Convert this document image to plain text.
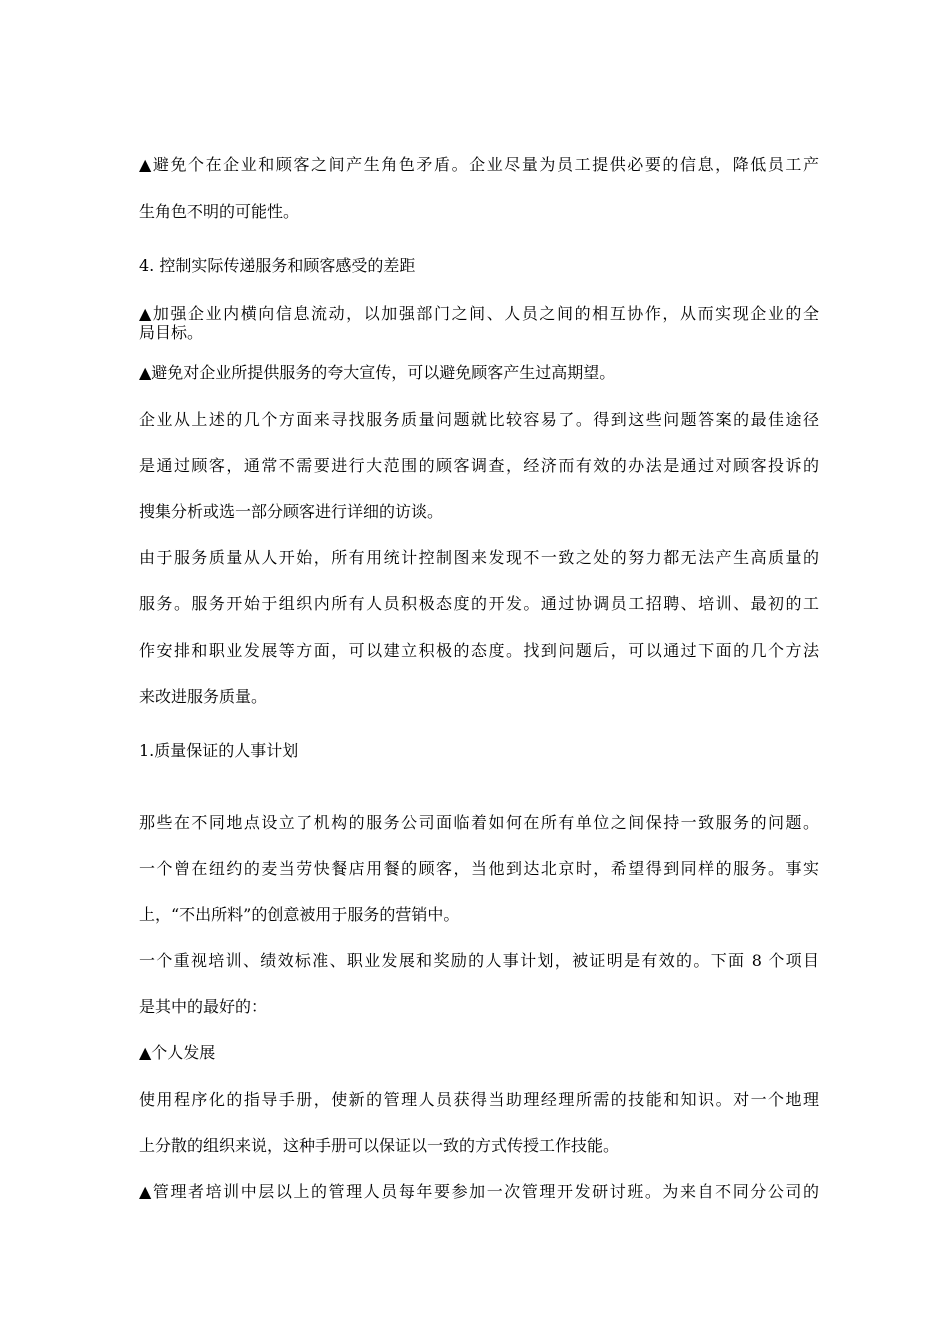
▲避免个在企业和顾客之间产生角色矛盾。企业尽量为员工提供必要的信息，降低员工产
生角色不明的可能性。
4. 控制实际传递服务和顾客感受的差距
▲加强企业内横向信息流动，以加强部门之间、人员之间的相互协作，从而实现企业的全
局目标。
▲避免对企业所提供服务的夸大宣传，可以避免顾客产生过高期望。
企业从上述的几个方面来寻找服务质量问题就比较容易了。得到这些问题答案的最佳途径
是通过顾客，通常不需要进行大范围的顾客调查，经济而有效的办法是通过对顾客投诉的
搜集分析或选一部分顾客进行详细的访谈。
由于服务质量从人开始，所有用统计控制图来发现不一致之处的努力都无法产生高质量的
服务。服务开始于组织内所有人员积极态度的开发。通过协调员工招聘、培训、最初的工
作安排和职业发展等方面，可以建立积极的态度。找到问题后，可以通过下面的几个方法
来改进服务质量。
1.质量保证的人事计划
那些在不同地点设立了机构的服务公司面临着如何在所有单位之间保持一致服务的问题。
一个曾在纽约的麦当劳快餐店用餐的顾客，当他到达北京时，希望得到同样的服务。事实
上，“不出所料”的创意被用于服务的营销中。
一个重视培训、绩效标准、职业发展和奖励的人事计划，被证明是有效的。下面 8 个项目
是其中的最好的：
▲个人发展
使用程序化的指导手册，使新的管理人员获得当助理经理所需的技能和知识。对一个地理
上分散的组织来说，这种手册可以保证以一致的方式传授工作技能。
▲管理者培训中层以上的管理人员每年要参加一次管理开发研讨班。为来自不同分公司的
